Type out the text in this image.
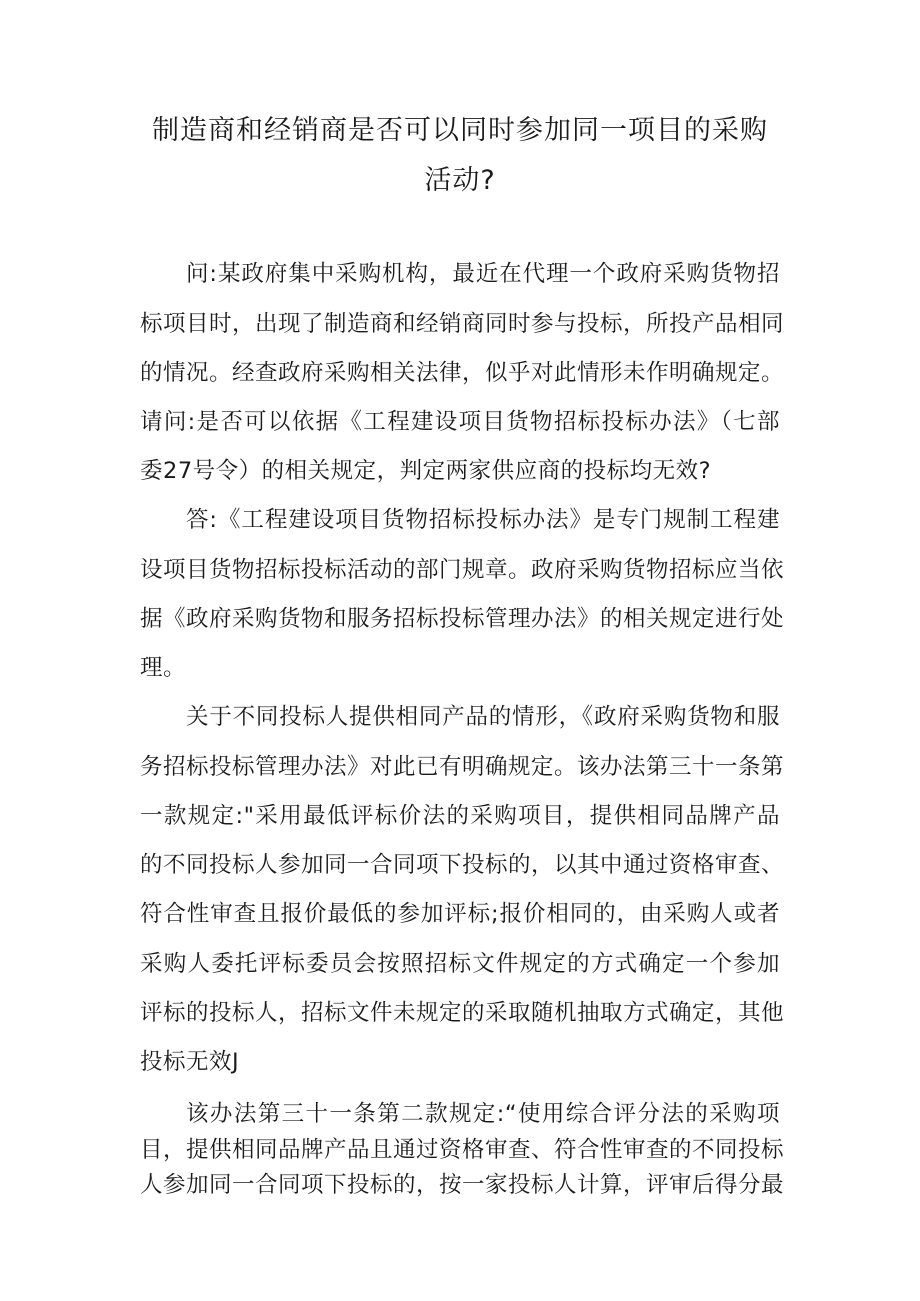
制造商和经销商是否可以同时参加同一项目的采购
活动?

问:某政府集中采购机构，最近在代理一个政府采购货物招

标项目时，出现了制造商和经销商同时参与投标，所投产品相同

的情况。经查政府采购相关法律，似乎对此情形未作明确规定。

请问:是否可以依据《工程建设项目货物招标投标办法》（七部

委27号令）的相关规定，判定两家供应商的投标均无效?

答:《工程建设项目货物招标投标办法》是专门规制工程建

设项目货物招标投标活动的部门规章。政府采购货物招标应当依

据《政府采购货物和服务招标投标管理办法》的相关规定进行处

理。

关于不同投标人提供相同产品的情形，《政府采购货物和服

务招标投标管理办法》对此已有明确规定。该办法第三十一条第

一款规定:"采用最低评标价法的采购项目，提供相同品牌产品

的不同投标人参加同一合同项下投标的，以其中通过资格审查、

符合性审查且报价最低的参加评标;报价相同的，由采购人或者

采购人委托评标委员会按照招标文件规定的方式确定一个参加

评标的投标人，招标文件未规定的采取随机抽取方式确定，其他

投标无效J

该办法第三十一条第二款规定:“使用综合评分法的采购项

目，提供相同品牌产品且通过资格审查、符合性审查的不同投标

人参加同一合同项下投标的，按一家投标人计算，评审后得分最
